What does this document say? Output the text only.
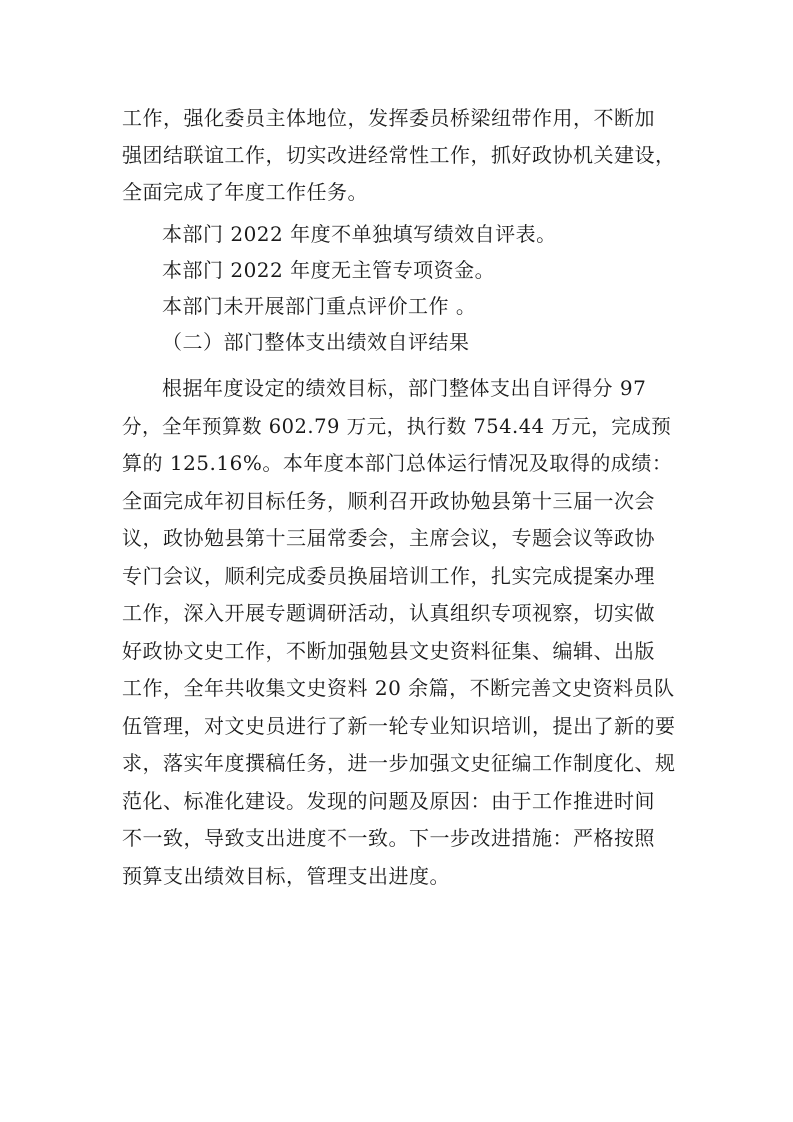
工作，强化委员主体地位，发挥委员桥梁纽带作用，不断加
强团结联谊工作，切实改进经常性工作，抓好政协机关建设，
全面完成了年度工作任务。
本部门 2022 年度不单独填写绩效自评表。
本部门 2022 年度无主管专项资金。
本部门未开展部门重点评价工作 。
（二）部门整体支出绩效自评结果
根据年度设定的绩效目标，部门整体支出自评得分 97
分，全年预算数 602.79 万元，执行数 754.44 万元，完成预
算的 125.16%。本年度本部门总体运行情况及取得的成绩：
全面完成年初目标任务，顺利召开政协勉县第十三届一次会
议，政协勉县第十三届常委会，主席会议，专题会议等政协
专门会议，顺利完成委员换届培训工作，扎实完成提案办理
工作，深入开展专题调研活动，认真组织专项视察，切实做
好政协文史工作，不断加强勉县文史资料征集、编辑、出版
工作，全年共收集文史资料 20 余篇，不断完善文史资料员队
伍管理，对文史员进行了新一轮专业知识培训，提出了新的要
求，落实年度撰稿任务，进一步加强文史征编工作制度化、规
范化、标准化建设。发现的问题及原因：由于工作推进时间
不一致，导致支出进度不一致。下一步改进措施：严格按照
预算支出绩效目标，管理支出进度。
